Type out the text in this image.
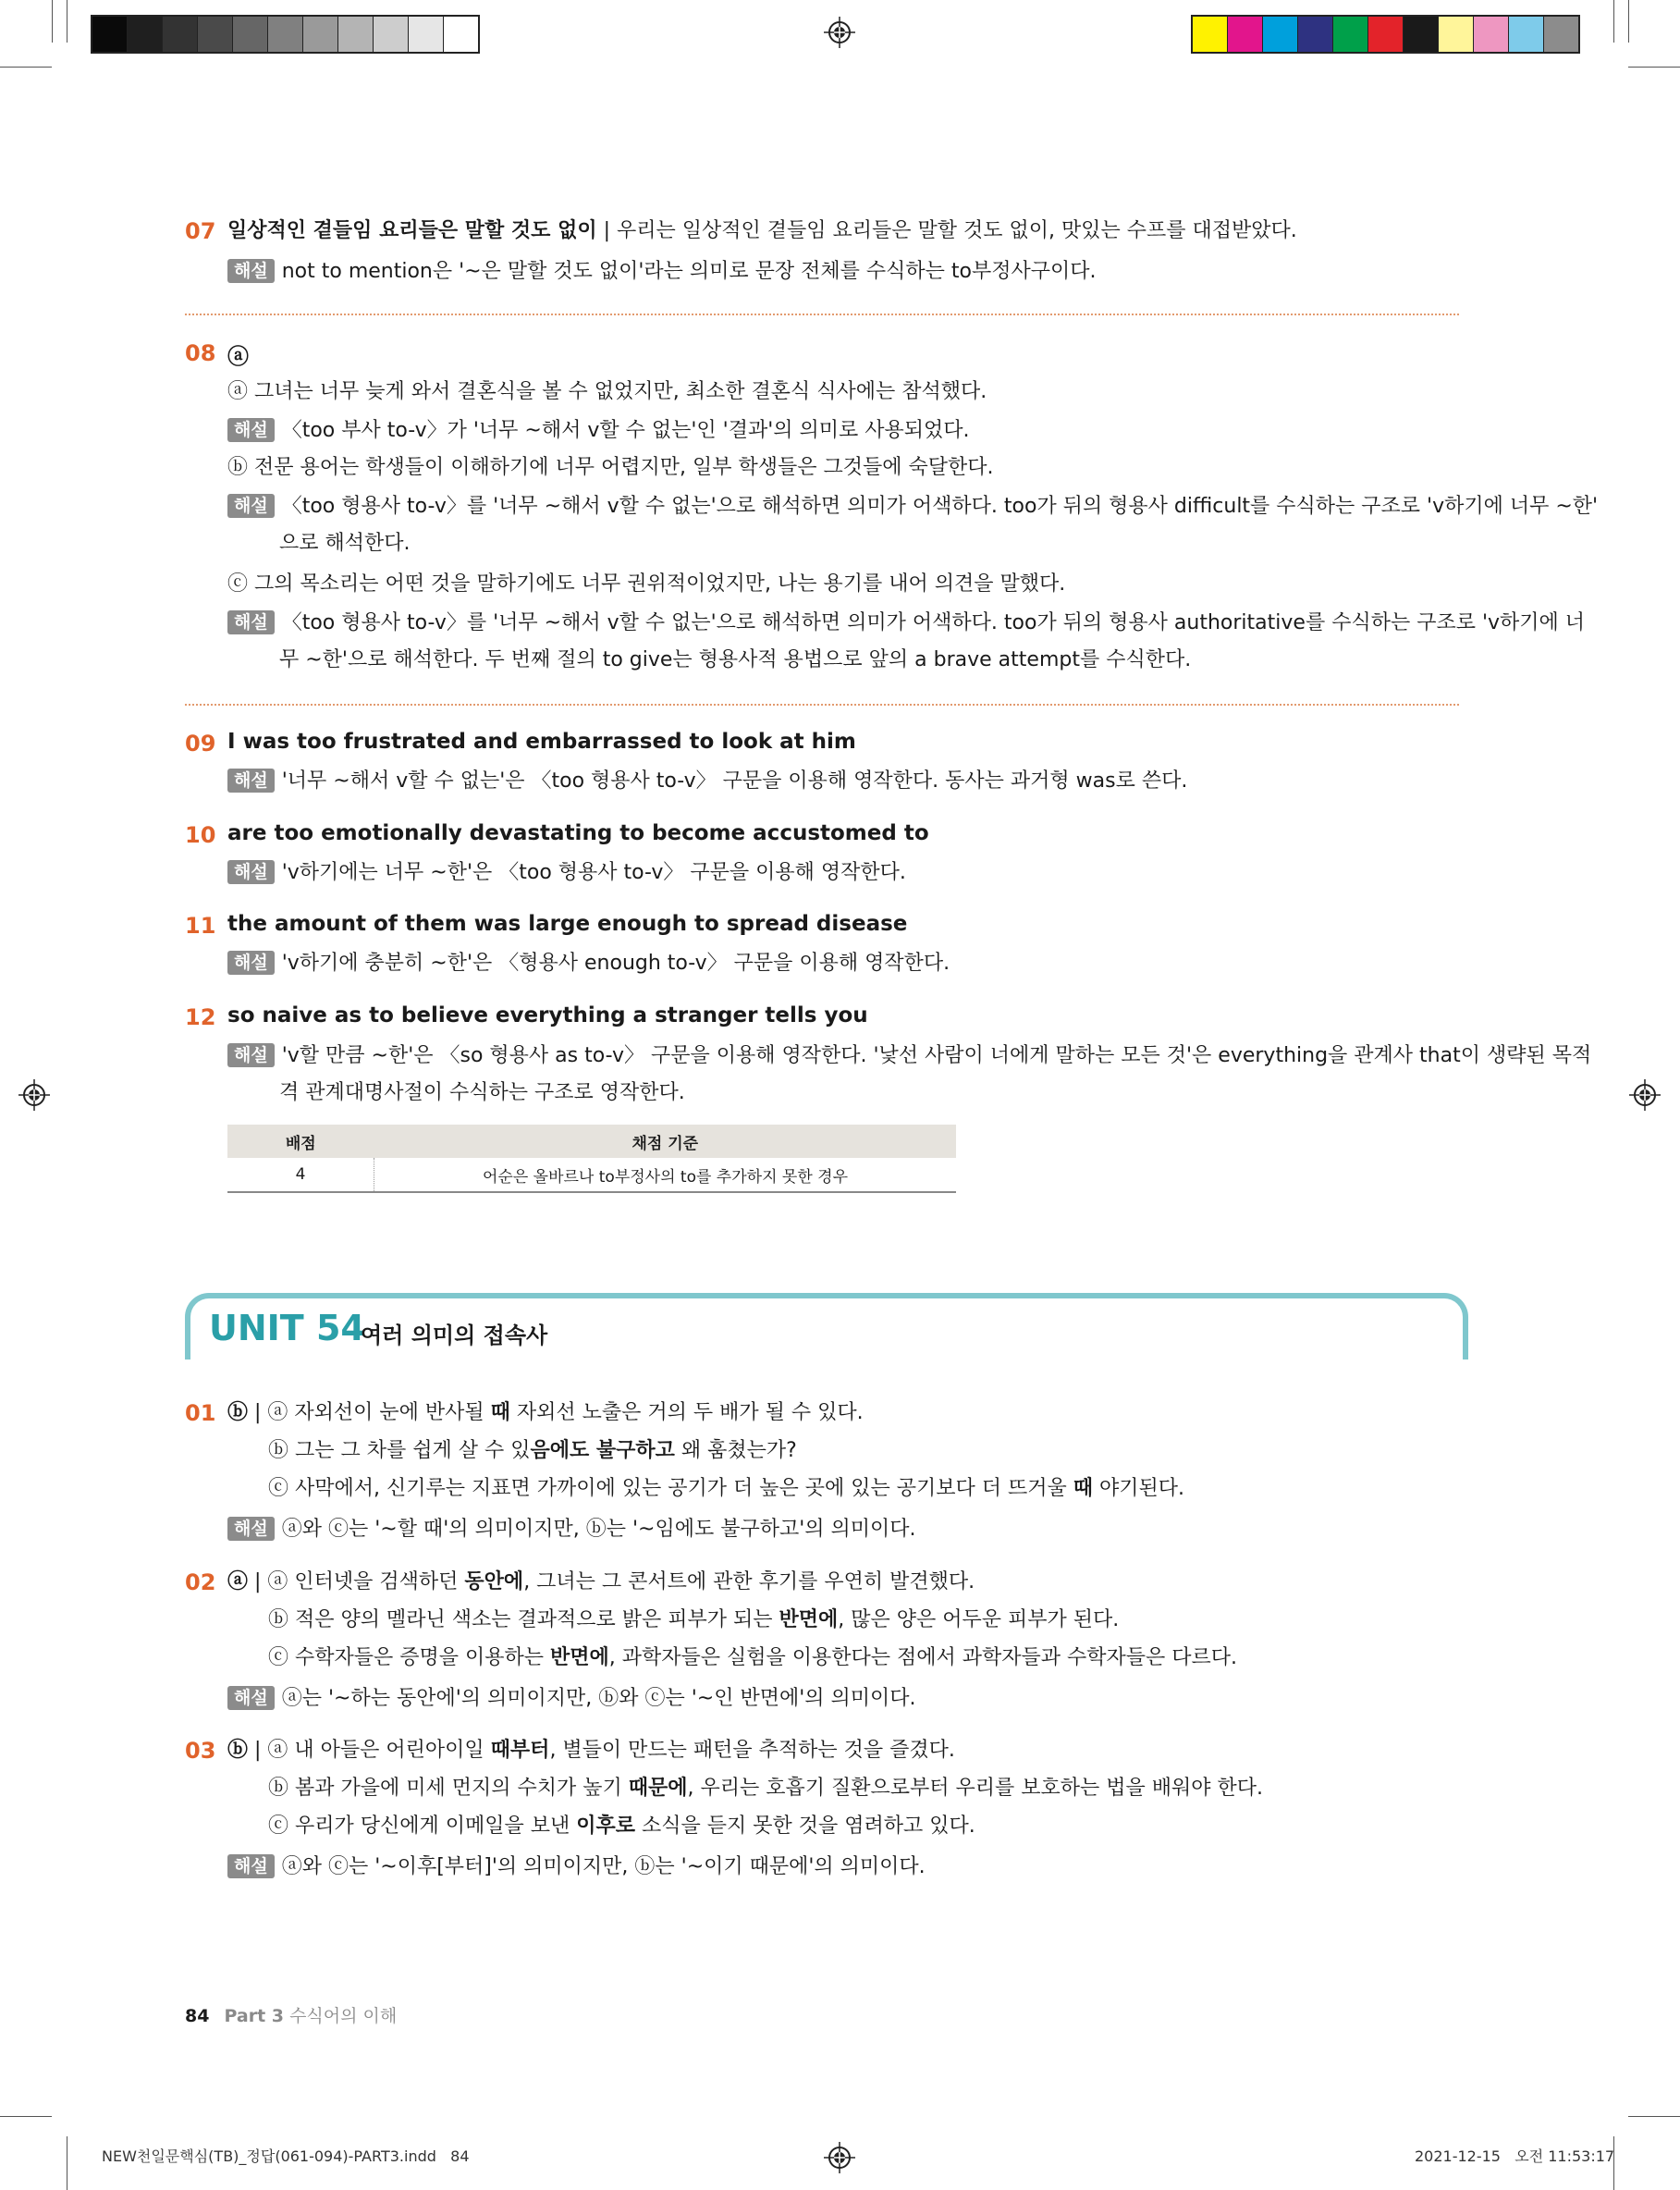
07 일상적인 곁들임 요리들은 말할 것도 없이 | 우리는 일상적인 곁들임 요리들은 말할 것도 없이, 맛있는 수프를 대접받았다.
해설 not to mention은 '~은 말할 것도 없이'라는 의미로 문장 전체를 수식하는 to부정사구이다.
08 ⓐ
ⓐ 그녀는 너무 늦게 와서 결혼식을 볼 수 없었지만, 최소한 결혼식 식사에는 참석했다.
해설 〈too 부사 to-v〉가 '너무 ~해서 v할 수 없는'인 '결과'의 의미로 사용되었다.
ⓑ 전문 용어는 학생들이 이해하기에 너무 어렵지만, 일부 학생들은 그것들에 숙달한다.
해설 〈too 형용사 to-v〉를 '너무 ~해서 v할 수 없는'으로 해석하면 의미가 어색하다. too가 뒤의 형용사 difficult를 수식하는 구조로 'v하기에 너무 ~한'
으로 해석한다.
ⓒ 그의 목소리는 어떤 것을 말하기에도 너무 권위적이었지만, 나는 용기를 내어 의견을 말했다.
해설 〈too 형용사 to-v〉를 '너무 ~해서 v할 수 없는'으로 해석하면 의미가 어색하다. too가 뒤의 형용사 authoritative를 수식하는 구조로 'v하기에 너
무 ~한'으로 해석한다. 두 번째 절의 to give는 형용사적 용법으로 앞의 a brave attempt를 수식한다.
09 I was too frustrated and embarrassed to look at him
해설 '너무 ~해서 v할 수 없는'은 〈too 형용사 to-v〉 구문을 이용해 영작한다. 동사는 과거형 was로 쓴다.
10 are too emotionally devastating to become accustomed to
해설 'v하기에는 너무 ~한'은 〈too 형용사 to-v〉 구문을 이용해 영작한다.
11 the amount of them was large enough to spread disease
해설 'v하기에 충분히 ~한'은 〈형용사 enough to-v〉 구문을 이용해 영작한다.
12 so naive as to believe everything a stranger tells you
해설 'v할 만큼 ~한'은 〈so 형용사 as to-v〉 구문을 이용해 영작한다. '낯선 사람이 너에게 말하는 모든 것'은 everything을 관계사 that이 생략된 목적
격 관계대명사절이 수식하는 구조로 영작한다.
배점	채점 기준
4	어순은 올바르나 to부정사의 to를 추가하지 못한 경우
UNIT 54
여러 의미의 접속사
01 ⓑ | ⓐ 자외선이 눈에 반사될 때 자외선 노출은 거의 두 배가 될 수 있다.
ⓑ 그는 그 차를 쉽게 살 수 있음에도 불구하고 왜 훔쳤는가?
ⓒ 사막에서, 신기루는 지표면 가까이에 있는 공기가 더 높은 곳에 있는 공기보다 더 뜨거울 때 야기된다.
해설 ⓐ와 ⓒ는 '~할 때'의 의미이지만, ⓑ는 '~임에도 불구하고'의 의미이다.
02 ⓐ | ⓐ 인터넷을 검색하던 동안에, 그녀는 그 콘서트에 관한 후기를 우연히 발견했다.
ⓑ 적은 양의 멜라닌 색소는 결과적으로 밝은 피부가 되는 반면에, 많은 양은 어두운 피부가 된다.
ⓒ 수학자들은 증명을 이용하는 반면에, 과학자들은 실험을 이용한다는 점에서 과학자들과 수학자들은 다르다.
해설 ⓐ는 '~하는 동안에'의 의미이지만, ⓑ와 ⓒ는 '~인 반면에'의 의미이다.
03 ⓑ | ⓐ 내 아들은 어린아이일 때부터, 별들이 만드는 패턴을 추적하는 것을 즐겼다.
ⓑ 봄과 가을에 미세 먼지의 수치가 높기 때문에, 우리는 호흡기 질환으로부터 우리를 보호하는 법을 배워야 한다.
ⓒ 우리가 당신에게 이메일을 보낸 이후로 소식을 듣지 못한 것을 염려하고 있다.
해설 ⓐ와 ⓒ는 '~이후[부터]'의 의미이지만, ⓑ는 '~이기 때문에'의 의미이다.
84 Part 3 수식어의 이해
NEW천일문핵심(TB)_정답(061-094)-PART3.indd   84	2021-12-15   오전 11:53:17
